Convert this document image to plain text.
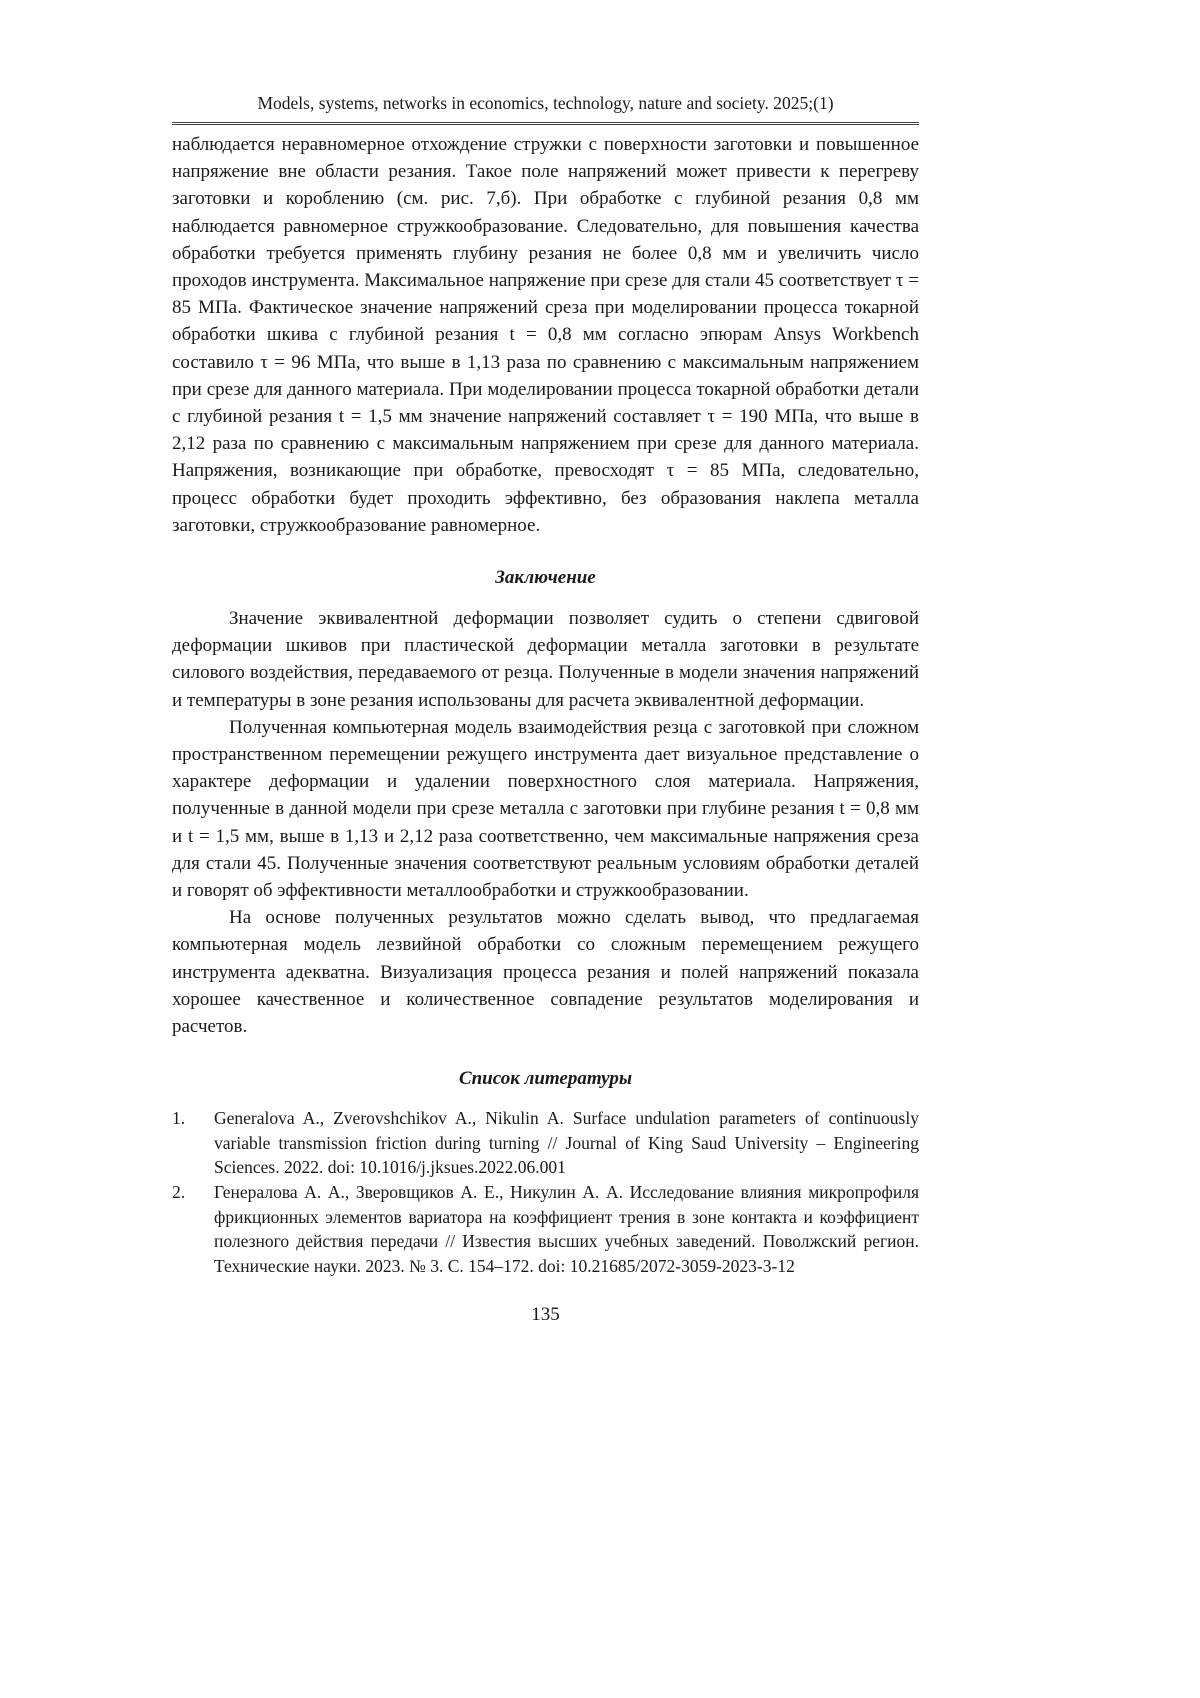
Models, systems, networks in economics, technology, nature and society. 2025;(1)

наблюдается неравномерное отхождение стружки с поверхности заготовки и повышенное напряжение вне области резания. Такое поле напряжений может привести к перегреву заготовки и короблению (см. рис. 7,б). При обработке с глубиной резания 0,8 мм наблюдается равномерное стружкообразование. Следовательно, для повышения качества обработки требуется применять глубину резания не более 0,8 мм и увеличить число проходов инструмента. Максимальное напряжение при срезе для стали 45 соответствует τ = 85 МПа. Фактическое значение напряжений среза при моделировании процесса токарной обработки шкива с глубиной резания t = 0,8 мм согласно эпюрам Ansys Workbench составило τ = 96 МПа, что выше в 1,13 раза по сравнению с максимальным напряжением при срезе для данного материала. При моделировании процесса токарной обработки детали с глубиной резания t = 1,5 мм значение напряжений составляет τ = 190 МПа, что выше в 2,12 раза по сравнению с максимальным напряжением при срезе для данного материала. Напряжения, возникающие при обработке, превосходят τ = 85 МПа, следовательно, процесс обработки будет проходить эффективно, без образования наклепа металла заготовки, стружкообразование равномерное.

Заключение

Значение эквивалентной деформации позволяет судить о степени сдвиговой деформации шкивов при пластической деформации металла заготовки в результате силового воздействия, передаваемого от резца. Полученные в модели значения напряжений и температуры в зоне резания использованы для расчета эквивалентной деформации.

Полученная компьютерная модель взаимодействия резца с заготовкой при сложном пространственном перемещении режущего инструмента дает визуальное представление о характере деформации и удалении поверхностного слоя материала. Напряжения, полученные в данной модели при срезе металла с заготовки при глубине резания t = 0,8 мм и t = 1,5 мм, выше в 1,13 и 2,12 раза соответственно, чем максимальные напряжения среза для стали 45. Полученные значения соответствуют реальным условиям обработки деталей и говорят об эффективности металлообработки и стружкообразовании.

На основе полученных результатов можно сделать вывод, что предлагаемая компьютерная модель лезвийной обработки со сложным перемещением режущего инструмента адекватна. Визуализация процесса резания и полей напряжений показала хорошее качественное и количественное совпадение результатов моделирования и расчетов.

Список литературы
1. Generalova A., Zverovshchikov A., Nikulin A. Surface undulation parameters of continuously variable transmission friction during turning // Journal of King Saud University – Engineering Sciences. 2022. doi: 10.1016/j.jksues.2022.06.001
2. Генералова А. А., Зверовщиков А. Е., Никулин А. А. Исследование влияния микропрофиля фрикционных элементов вариатора на коэффициент трения в зоне контакта и коэффициент полезного действия передачи // Известия высших учебных заведений. Поволжский регион. Технические науки. 2023. № 3. С. 154–172. doi: 10.21685/2072-3059-2023-3-12
135
